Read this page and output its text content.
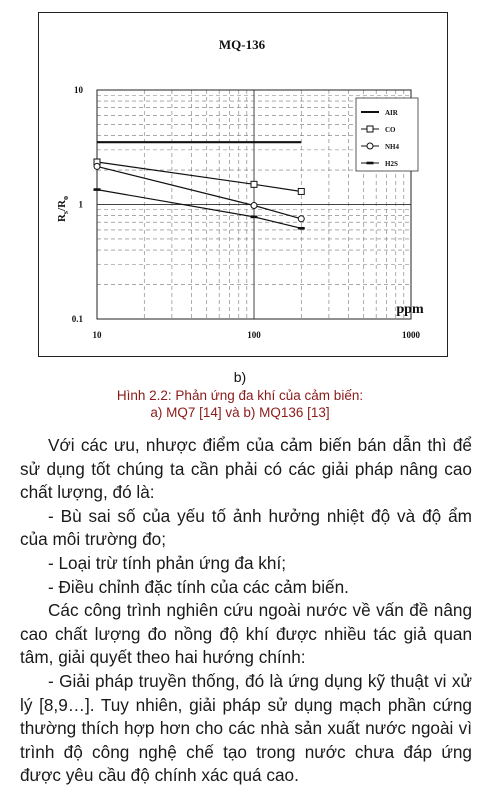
MQ-136
10	100	1000
10
1
0.1
ppm
$R_s/R_o$
AIR
CO
NH4
H2S
b)
Hình 2.2: Phản ứng đa khí của cảm biến:
a) MQ7 [14] và b) MQ136 [13]

Với các ưu, nhược điểm của cảm biến bán dẫn thì để sử dụng tốt chúng ta cần phải có các giải pháp nâng cao chất lượng, đó là:

- Bù sai số của yếu tố ảnh hưởng nhiệt độ và độ ẩm của môi trường đo;

- Loại trừ tính phản ứng đa khí;

- Điều chỉnh đặc tính của các cảm biến.

Các công trình nghiên cứu ngoài nước về vấn đề nâng cao chất lượng đo nồng độ khí được nhiều tác giả quan tâm, giải quyết theo hai hướng chính:

- Giải pháp truyền thống, đó là ứng dụng kỹ thuật vi xử lý [8,9…]. Tuy nhiên, giải pháp sử dụng mạch phần cứng thường thích hợp hơn cho các nhà sản xuất nước ngoài vì trình độ công nghệ chế tạo trong nước chưa đáp ứng được yêu cầu độ chính xác quá cao.
